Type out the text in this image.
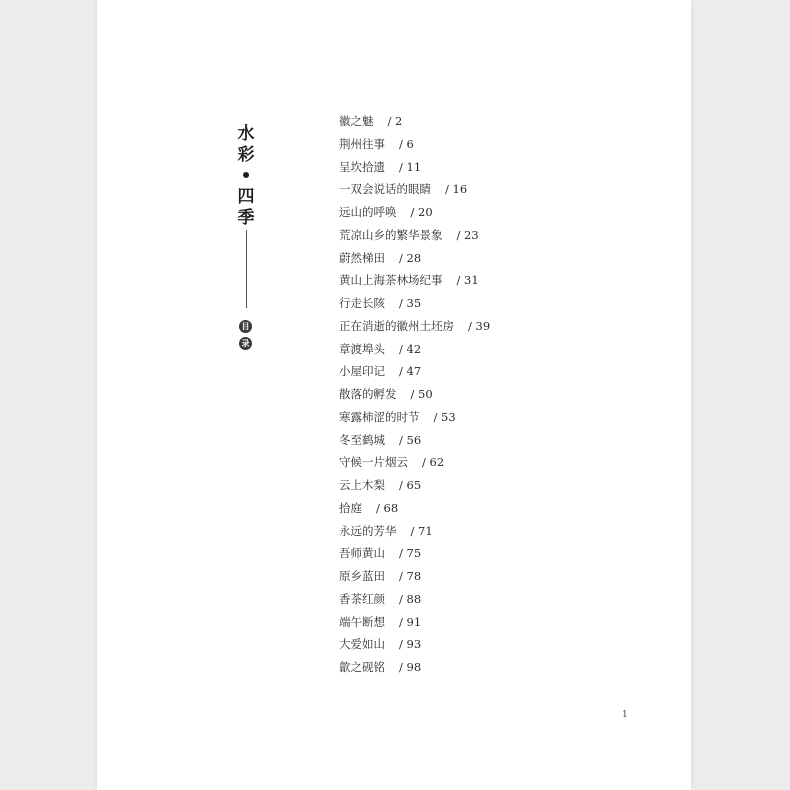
水
彩
•
四
季
目
录
徽之魅 / 2
荆州往事 / 6
呈坎拾遗 / 11
一双会说话的眼睛 / 16
远山的呼唤 / 20
荒凉山乡的繁华景象 / 23
蔚然梯田 / 28
黄山上海茶林场纪事 / 31
行走长陔 / 35
正在消逝的徽州土坯房 / 39
章渡埠头 / 42
小屋印记 / 47
散落的孵发 / 50
寒露柿涩的时节 / 53
冬至鹤城 / 56
守候一片烟云 / 62
云上木梨 / 65
拾庭 / 68
永远的芳华 / 71
吾师黄山 / 75
原乡蓝田 / 78
香茶红颜 / 88
端午断想 / 91
大爱如山 / 93
歙之砚铭 / 98
1
